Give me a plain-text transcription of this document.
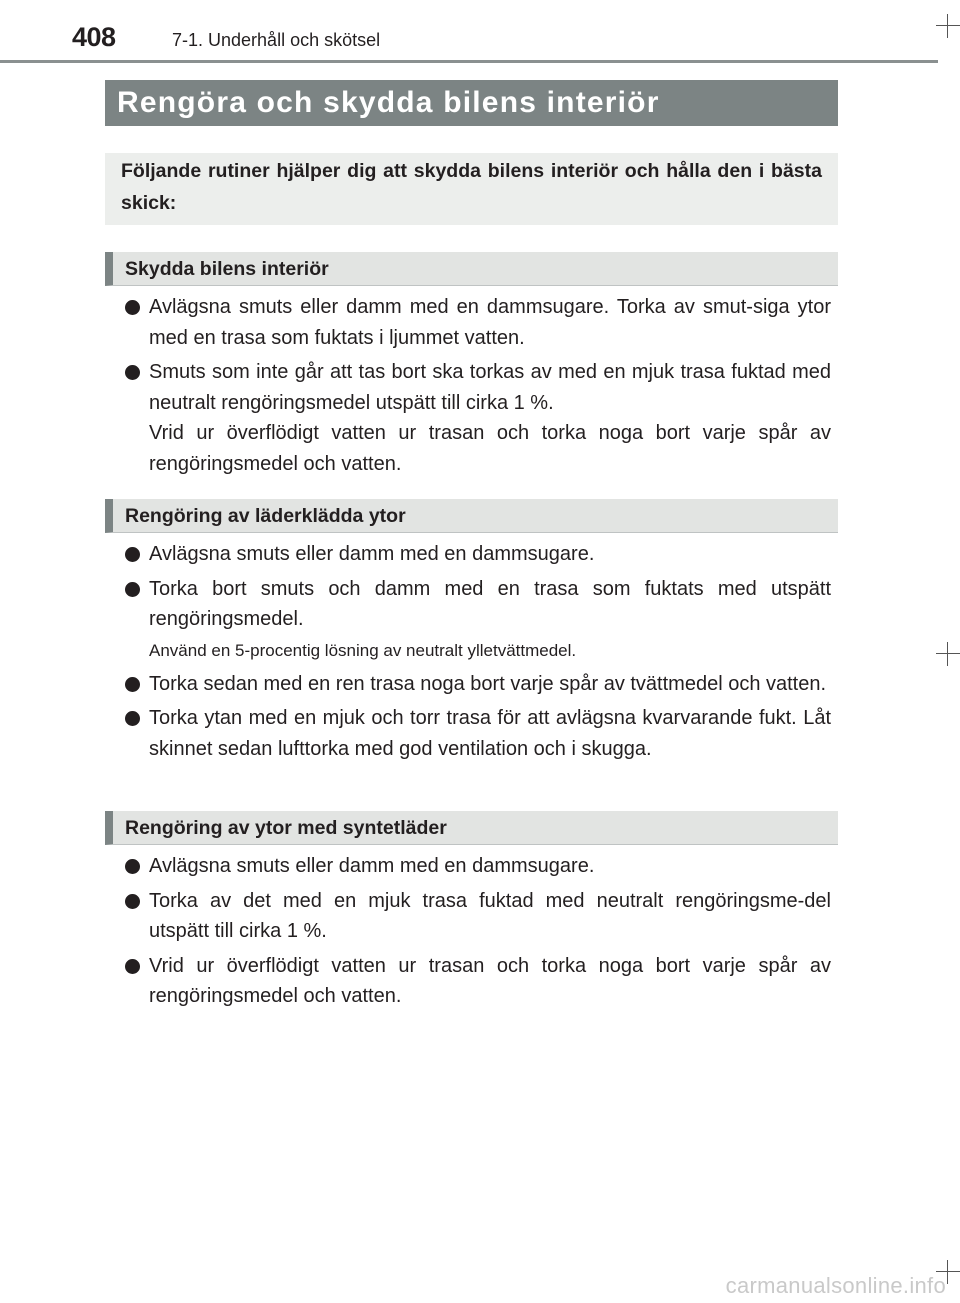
408	7-1. Underhåll och skötsel
Rengöra och skydda bilens interiör

Följande rutiner hjälper dig att skydda bilens interiör och hålla den i bästa skick:

Skydda bilens interiör
Avlägsna smuts eller damm med en dammsugare. Torka av smut-siga ytor med en trasa som fuktats i ljummet vatten.
Smuts som inte går att tas bort ska torkas av med en mjuk trasa fuktad med neutralt rengöringsmedel utspätt till cirka 1 %.
Vrid ur överflödigt vatten ur trasan och torka noga bort varje spår av rengöringsmedel och vatten.
Rengöring av läderklädda ytor
Avlägsna smuts eller damm med en dammsugare.
Torka bort smuts och damm med en trasa som fuktats med utspätt rengöringsmedel.
Använd en 5-procentig lösning av neutralt ylletvättmedel.
Torka sedan med en ren trasa noga bort varje spår av tvättmedel och vatten.
Torka ytan med en mjuk och torr trasa för att avlägsna kvarvarande fukt. Låt skinnet sedan lufttorka med god ventilation och i skugga.
Rengöring av ytor med syntetläder
Avlägsna smuts eller damm med en dammsugare.
Torka av det med en mjuk trasa fuktad med neutralt rengöringsme-del utspätt till cirka 1 %.
Vrid ur överflödigt vatten ur trasan och torka noga bort varje spår av rengöringsmedel och vatten.
carmanualsonline.info
